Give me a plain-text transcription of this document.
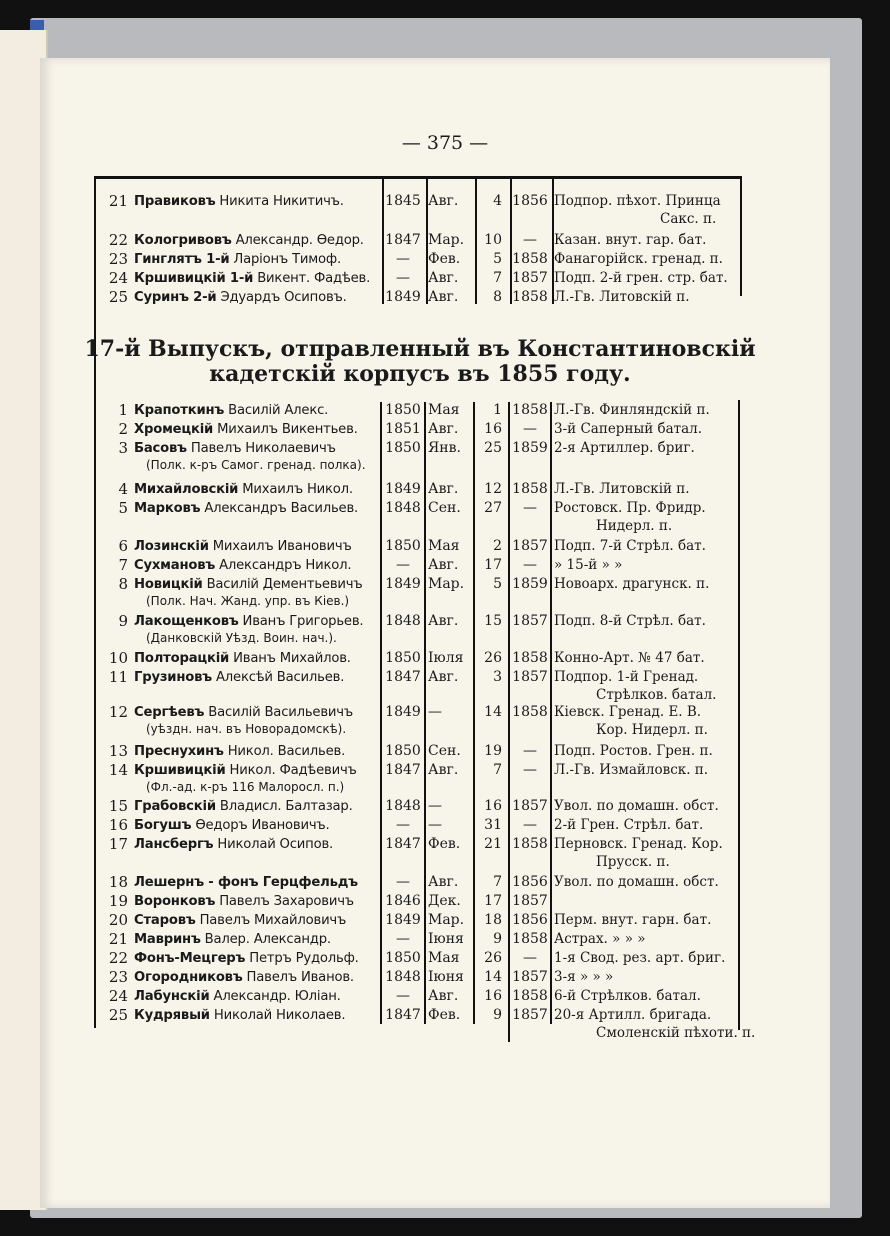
— 375 —
21 Правиковъ Никита Никитичъ.	1845 Авг.	4 1856 Подпор. пѣхот. Принца
Сакс. п.
22 Кологривовъ Александр. Ѳедор.	1847 Мар.	10	—	Казан. внут. гар. бат.
23 Гинглятъ 1-й Ларіонъ Тимоф.	—	Фев.	5 1858 Фанагорійск. гренад. п.
24 Кршивицкій 1-й Викент. Фадѣев.	—	Авг.	7 1857 Подп. 2-й грен. стр. бат.
25 Суринъ 2-й Эдуардъ Осиповъ.	1849 Авг.	8 1858 Л.-Гв. Литовскій п.
17-й Выпускъ, отправленный въ Константиновскій
кадетскій корпусъ въ 1855 году.
1 Крапоткинъ Василій Алекс.	1850 Мая	1 1858 Л.-Гв. Финляндскій п.
2 Хромецкій Михаилъ Викентьев.	1851 Авг.	16	—	3-й Саперный батал.
3 Басовъ Павелъ Николаевичъ	1850 Янв.	25 1859 2-я Артиллер. бриг.
(Полк. к-ръ Самог. гренад. полка).
4 Михайловскій Михаилъ Никол.	1849 Авг.	12 1858 Л.-Гв. Литовскій п.
5 Марковъ Александръ Васильев.	1848 Сен.	27	—	Ростовск. Пр. Фридр.
Нидерл. п.
6 Лозинскій Михаилъ Ивановичъ	1850 Мая	2 1857 Подп. 7-й Стрѣл. бат.
7 Сухмановъ Александръ Никол.	—	Авг.	17	—	» 15-й » »
8 Новицкій Василій Дементьевичъ	1849 Мар.	5 1859 Новоарх. драгунск. п.
(Полк. Нач. Жанд. упр. въ Кіев.)
9 Лакощенковъ Иванъ Григорьев.	1848 Авг.	15 1857 Подп. 8-й Стрѣл. бат.
(Данковскій Уѣзд. Воин. нач.).
10 Полторацкій Иванъ Михайлов.	1850 Іюля	26 1858 Конно-Арт. № 47 бат.
11 Грузиновъ Алексѣй Васильев.	1847 Авг.	3 1857 Подпор. 1-й Гренад.
Стрѣлков. батал.
12 Сергѣевъ Василій Васильевичъ	1849 —	14 1858 Кіевск. Гренад. Е. В.
(уѣздн. нач. въ Новорадомскѣ).	Кор. Нидерл. п.
13 Преснухинъ Никол. Васильев.	1850 Сен.	19	—	Подп. Ростов. Грен. п.
14 Кршивицкій Никол. Фадѣевичъ	1847 Авг.	7	—	Л.-Гв. Измайловск. п.
(Фл.-ад. к-ръ 116 Малоросл. п.)
15 Грабовскій Владисл. Балтазар.	1848 —	16 1857 Увол. по домашн. обст.
16 Богушъ Ѳедоръ Ивановичъ.	—	—	31	—	2-й Грен. Стрѣл. бат.
17 Лансбергъ Николай Осипов.	1847 Фев.	21 1858 Перновск. Гренад. Кор.
Прусск. п.
18 Лешернъ - фонъ Герцфельдъ	—	Авг.	7 1856 Увол. по домашн. обст.
19 Воронковъ Павелъ Захаровичъ	1846 Дек.	17 1857
20 Старовъ Павелъ Михайловичъ	1849 Мар.	18 1856 Перм. внут. гарн. бат.
21 Мавринъ Валер. Александр.	—	Іюня	9 1858 Астрах. » » »
22 Фонъ-Мецгеръ Петръ Рудольф.	1850 Мая	26	—	1-я Свод. рез. арт. бриг.
23 Огородниковъ Павелъ Иванов.	1848 Іюня	14 1857 3-я » » »
24 Лабунскій Александр. Юліан.	—	Авг.	16 1858 6-й Стрѣлков. батал.
25 Кудрявый Николай Николаев.	1847 Фев.	9 1857 20-я Артилл. бригада.
Смоленскій пѣхоти. п.
